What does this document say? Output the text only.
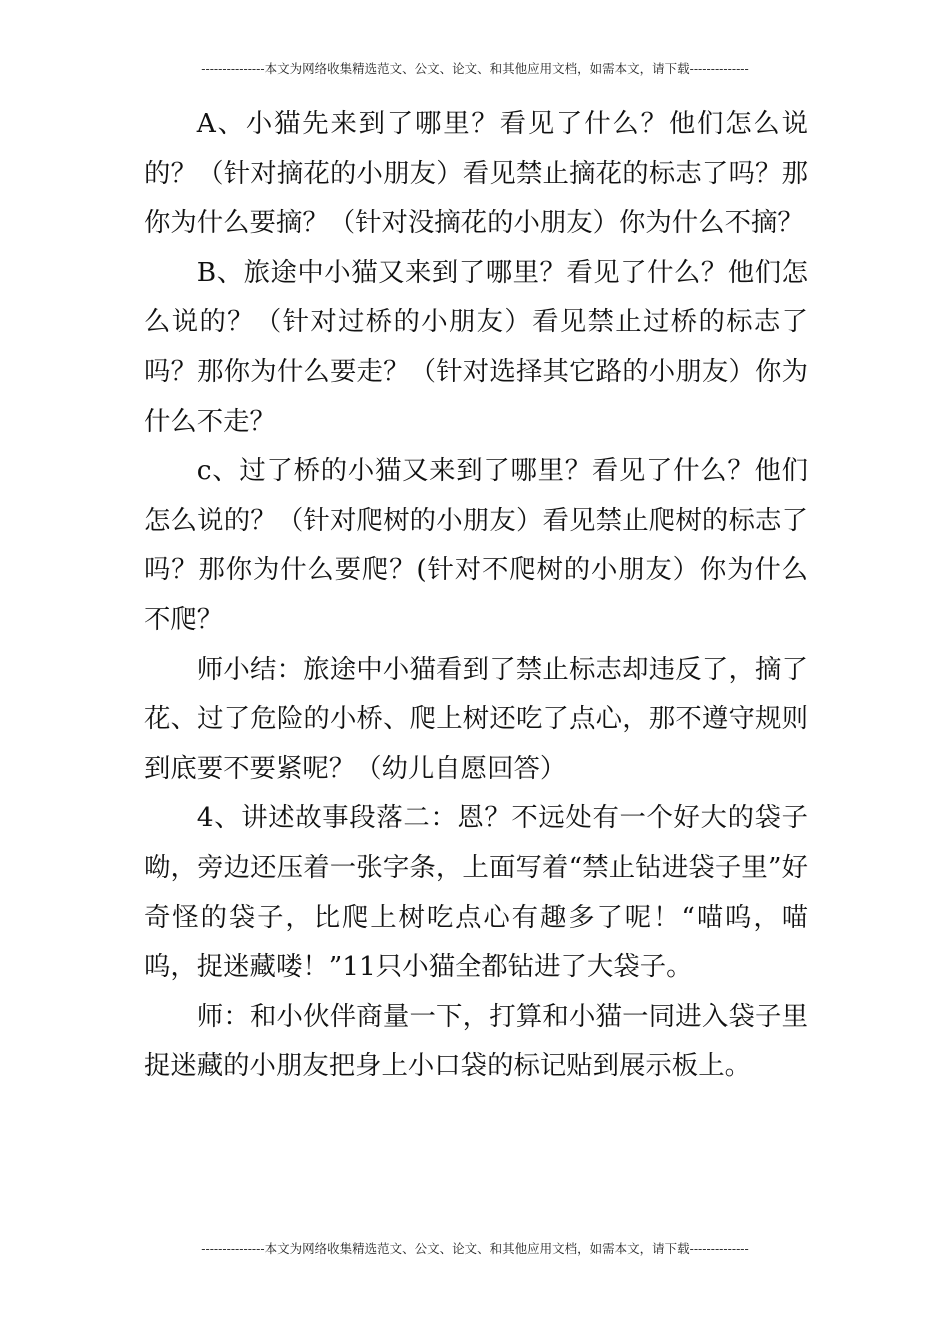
---------------本文为网络收集精选范文、公文、论文、和其他应用文档，如需本文，请下载--------------

A、小猫先来到了哪里？看见了什么？他们怎么说的？（针对摘花的小朋友）看见禁止摘花的标志了吗？那你为什么要摘？（针对没摘花的小朋友）你为什么不摘？

B、旅途中小猫又来到了哪里？看见了什么？他们怎么说的？（针对过桥的小朋友）看见禁止过桥的标志了吗？那你为什么要走？（针对选择其它路的小朋友）你为什么不走？

c、过了桥的小猫又来到了哪里？看见了什么？他们怎么说的？（针对爬树的小朋友）看见禁止爬树的标志了吗？那你为什么要爬？(针对不爬树的小朋友）你为什么不爬？

师小结：旅途中小猫看到了禁止标志却违反了，摘了花、过了危险的小桥、爬上树还吃了点心，那不遵守规则到底要不要紧呢？（幼儿自愿回答）

4、讲述故事段落二：恩？不远处有一个好大的袋子呦，旁边还压着一张字条，上面写着“禁止钻进袋子里”好奇怪的袋子，比爬上树吃点心有趣多了呢！“喵呜，喵呜，捉迷藏喽！”11只小猫全都钻进了大袋子。

师：和小伙伴商量一下，打算和小猫一同进入袋子里捉迷藏的小朋友把身上小口袋的标记贴到展示板上。

---------------本文为网络收集精选范文、公文、论文、和其他应用文档，如需本文，请下载--------------
